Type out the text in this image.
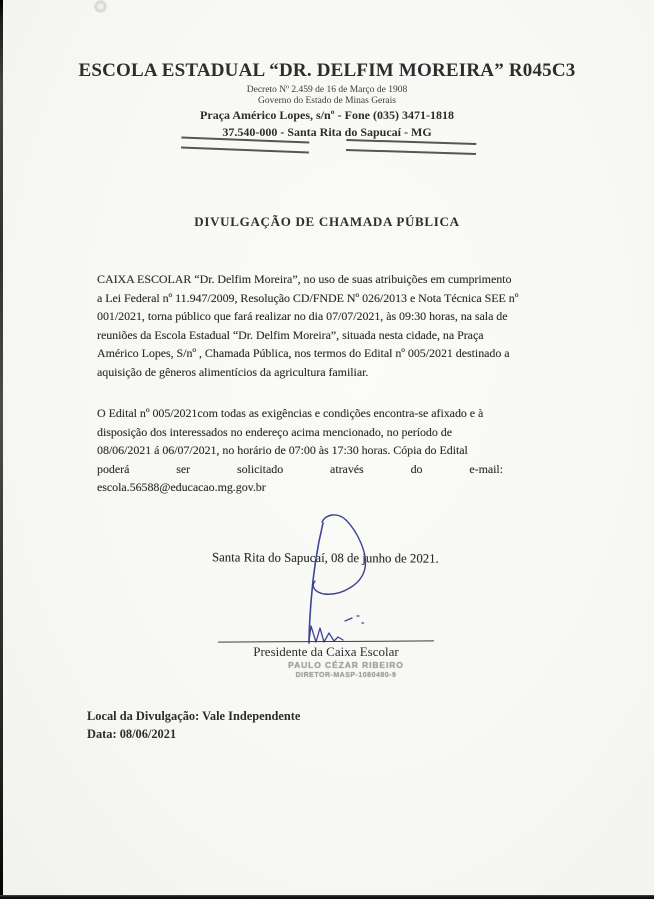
ESCOLA ESTADUAL “DR. DELFIM MOREIRA” R045C3
Decreto Nº 2.459 de 16 de Março de 1908
Governo do Estado de Minas Gerais
Praça Américo Lopes, s/nº - Fone (035) 3471-1818
37.540-000 - Santa Rita do Sapucaí - MG
DIVULGAÇÃO DE CHAMADA PÚBLICA
CAIXA ESCOLAR “Dr. Delfim Moreira”, no uso de suas atribuições em cumprimento
a Lei Federal nº 11.947/2009, Resolução CD/FNDE Nº 026/2013 e Nota Técnica SEE nº
001/2021, torna público que fará realizar no dia 07/07/2021, às 09:30 horas, na sala de
reuniões da Escola Estadual “Dr. Delfim Moreira”, situada nesta cidade, na Praça
Américo Lopes, S/nº , Chamada Pública, nos termos do Edital nº 005/2021 destinado a
aquisição de gêneros alimentícios da agricultura familiar.
O Edital nº 005/2021com todas as exigências e condições encontra-se afixado e à
disposição dos interessados no endereço acima mencionado, no período de
08/06/2021 á 06/07/2021, no horário de 07:00 às 17:30 horas. Cópia do Edital
poderá ser solicitado através do e-mail:
escola.56588@educacao.mg.gov.br
Santa Rita do Sapucaí, 08 de junho de 2021.
Presidente da Caixa Escolar
PAULO CÉZAR RIBEIRO
DIRETOR-MASP-1080480-9
Local da Divulgação: Vale Independente
Data: 08/06/2021
